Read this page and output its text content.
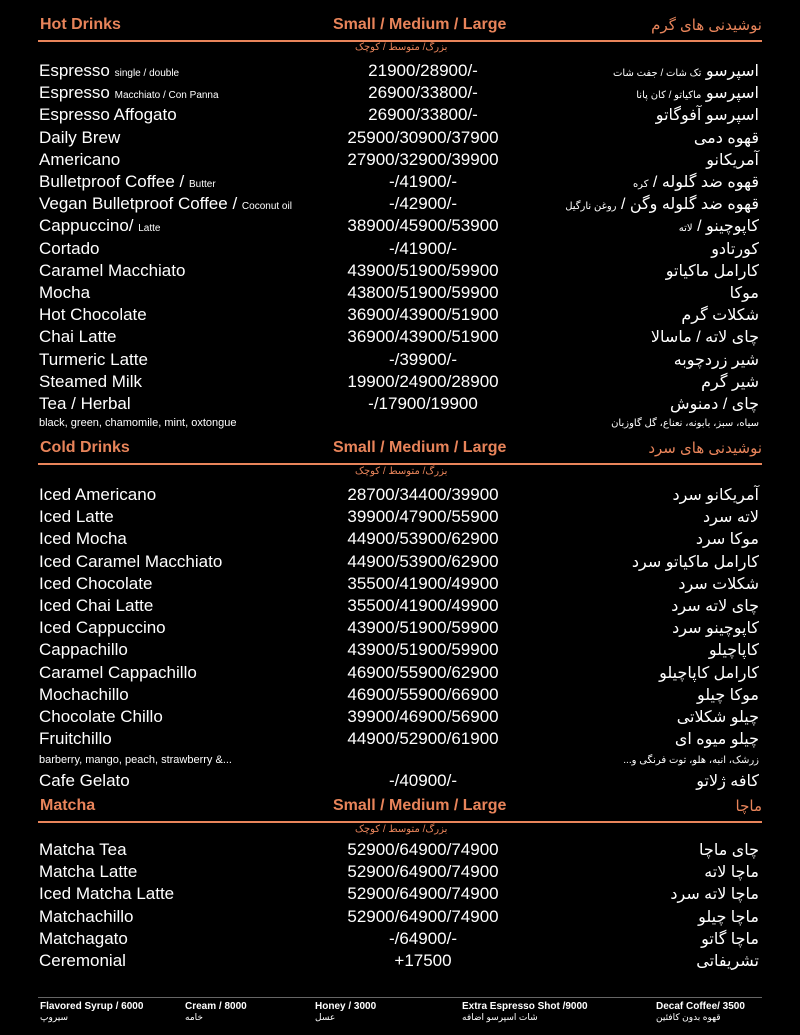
Hot Drinks	Small / Medium / Large	نوشیدنی های گرم
بزرگ/ متوسط / کوچک
Espresso single / double	21900/28900/-	اسپرسو تک شات / جفت شات
Espresso Macchiato / Con Panna	26900/33800/-	اسپرسو ماکیاتو / کان پانا
Espresso Affogato	26900/33800/-	اسپرسو آفوگاتو
Daily Brew	25900/30900/37900	قهوه دمی
Americano	27900/32900/39900	آمریکانو
Bulletproof Coffee / Butter	-/41900/-	قهوه ضد گلوله / کره
Vegan Bulletproof Coffee / Coconut oil	-/42900/-	قهوه ضد گلوله وگن / روغن نارگیل
Cappuccino/ Latte	38900/45900/53900	کاپوچینو / لاته
Cortado	-/41900/-	کورتادو
Caramel Macchiato	43900/51900/59900	کارامل ماکیاتو
Mocha	43800/51900/59900	موکا
Hot Chocolate	36900/43900/51900	شکلات گرم
Chai Latte	36900/43900/51900	چای لاته / ماسالا
Turmeric Latte	-/39900/-	شیر زردچوبه
Steamed Milk	19900/24900/28900	شیر گرم
Tea / Herbal	-/17900/19900	چای / دمنوش
black, green, chamomile, mint, oxtongue	سیاه، سبز، بابونه، نعناع، گل گاوزبان
Cold Drinks	Small / Medium / Large	نوشیدنی های سرد
بزرگ/ متوسط / کوچک
Iced Americano	28700/34400/39900	آمریکانو سرد
Iced Latte	39900/47900/55900	لاته سرد
Iced Mocha	44900/53900/62900	موکا سرد
Iced Caramel Macchiato	44900/53900/62900	کارامل ماکیاتو سرد
Iced Chocolate	35500/41900/49900	شکلات سرد
Iced Chai Latte	35500/41900/49900	چای لاته سرد
Iced Cappuccino	43900/51900/59900	کاپوچینو سرد
Cappachillo	43900/51900/59900	کاپاچیلو
Caramel Cappachillo	46900/55900/62900	کارامل کاپاچیلو
Mochachillo	46900/55900/66900	موکا چیلو
Chocolate Chillo	39900/46900/56900	چیلو شکلاتی
Fruitchillo	44900/52900/61900	چیلو میوه ای
barberry, mango, peach, strawberry &...	زرشک، انبه، هلو، توت فرنگی و...
Cafe Gelato	-/40900/-	کافه ژلاتو
Matcha	Small / Medium / Large	ماچا
بزرگ/ متوسط / کوچک
Matcha Tea	52900/64900/74900	چای ماچا
Matcha Latte	52900/64900/74900	ماچا لاته
Iced Matcha Latte	52900/64900/74900	ماچا لاته سرد
Matchachillo	52900/64900/74900	ماچا چیلو
Matchagato	-/64900/-	ماچا گاتو
Ceremonial	+17500	تشریفاتی
Flavored Syrup / 6000
سیروپ
Cream / 8000
خامه
Honey / 3000
عسل
Extra Espresso Shot /9000
شات اسپرسو اضافه
Decaf Coffee/ 3500
قهوه بدون کافئین
